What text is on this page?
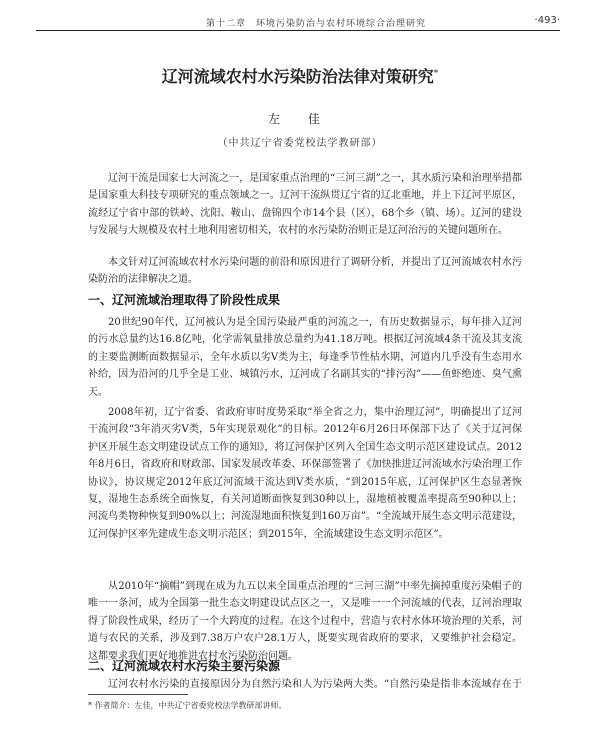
第十二章　环境污染防治与农村环境综合治理研究	·493·
辽河流域农村水污染防治法律对策研究*
左 佳
（中共辽宁省委党校法学教研部）

辽河干流是国家七大河流之一，是国家重点治理的“三河三湖”之一，其水质污染和治理举措都是国家重大科技专项研究的重点领域之一。辽河干流纵贯辽宁省的辽北重地，并上下辽河平原区，流经辽宁省中部的铁岭、沈阳、鞍山、盘锦四个市14个县（区），68个乡（镇、场）。辽河的建设与发展与大规模及农村土地利用密切相关，农村的水污染防治则正是辽河治污的关键问题所在。

本文针对辽河流域农村水污染问题的前沿和原因进行了调研分析，并提出了辽河流域农村水污染防治的法律解决之道。

一、辽河流域治理取得了阶段性成果

20世纪90年代，辽河被认为是全国污染最严重的河流之一，有历史数据显示，每年排入辽河的污水总量约达16.8亿吨，化学需氧量排放总量约为41.18万吨。根据辽河流域4条干流及其支流的主要监测断面数据显示，全年水质以劣V类为主，每逢季节性枯水期，河道内几乎没有生态用水补给，因为沿河的几乎全是工业、城镇污水，辽河成了名副其实的“排污沟”——鱼虾绝迹、臭气熏天。

2008年初，辽宁省委、省政府审时度势采取“举全省之力，集中治理辽河”，明确提出了辽河干流河段“3年消灭劣V类，5年实现景观化”的目标。2012年6月26日环保部下达了《关于辽河保护区开展生态文明建设试点工作的通知》，将辽河保护区列入全国生态文明示范区建设试点。2012年8月6日，省政府和财政部、国家发展改革委、环保部签署了《加快推进辽河流域水污染治理工作协议》，协议规定2012年底辽河流域干流达到V类水质，“到2015年底，辽河保护区生态显著恢复，湿地生态系统全面恢复，有关河道断面恢复到30种以上，湿地植被覆盖率提高至90种以上；河流鸟类物种恢复到90%以上；河流湿地面积恢复到160万亩”。“全流域开展生态文明示范建设，辽河保护区率先建成生态文明示范区；到2015年，全流域建设生态文明示范区”。

从2010年“摘帽”到现在成为九五以来全国重点治理的“三河三湖”中率先摘掉重度污染帽子的唯一一条河，成为全国第一批生态文明建设试点区之一，又是唯一一个河流域的代表，辽河治理取得了阶段性成果，经历了一个大跨度的过程。在这个过程中，营造与农村水体环境治理的关系，河道与农民的关系，涉及到7.38万户农户28.1万人，既要实现省政府的要求，又要维护社会稳定。这都要求我们更好地推进农村水污染防治问题。

二、辽河流域农村水污染主要污染源

辽河农村水污染的直接原因分为自然污染和人为污染两大类。“自然污染是指非本流域存在于

* 作者简介：左佳，中共辽宁省委党校法学教研部讲师。
